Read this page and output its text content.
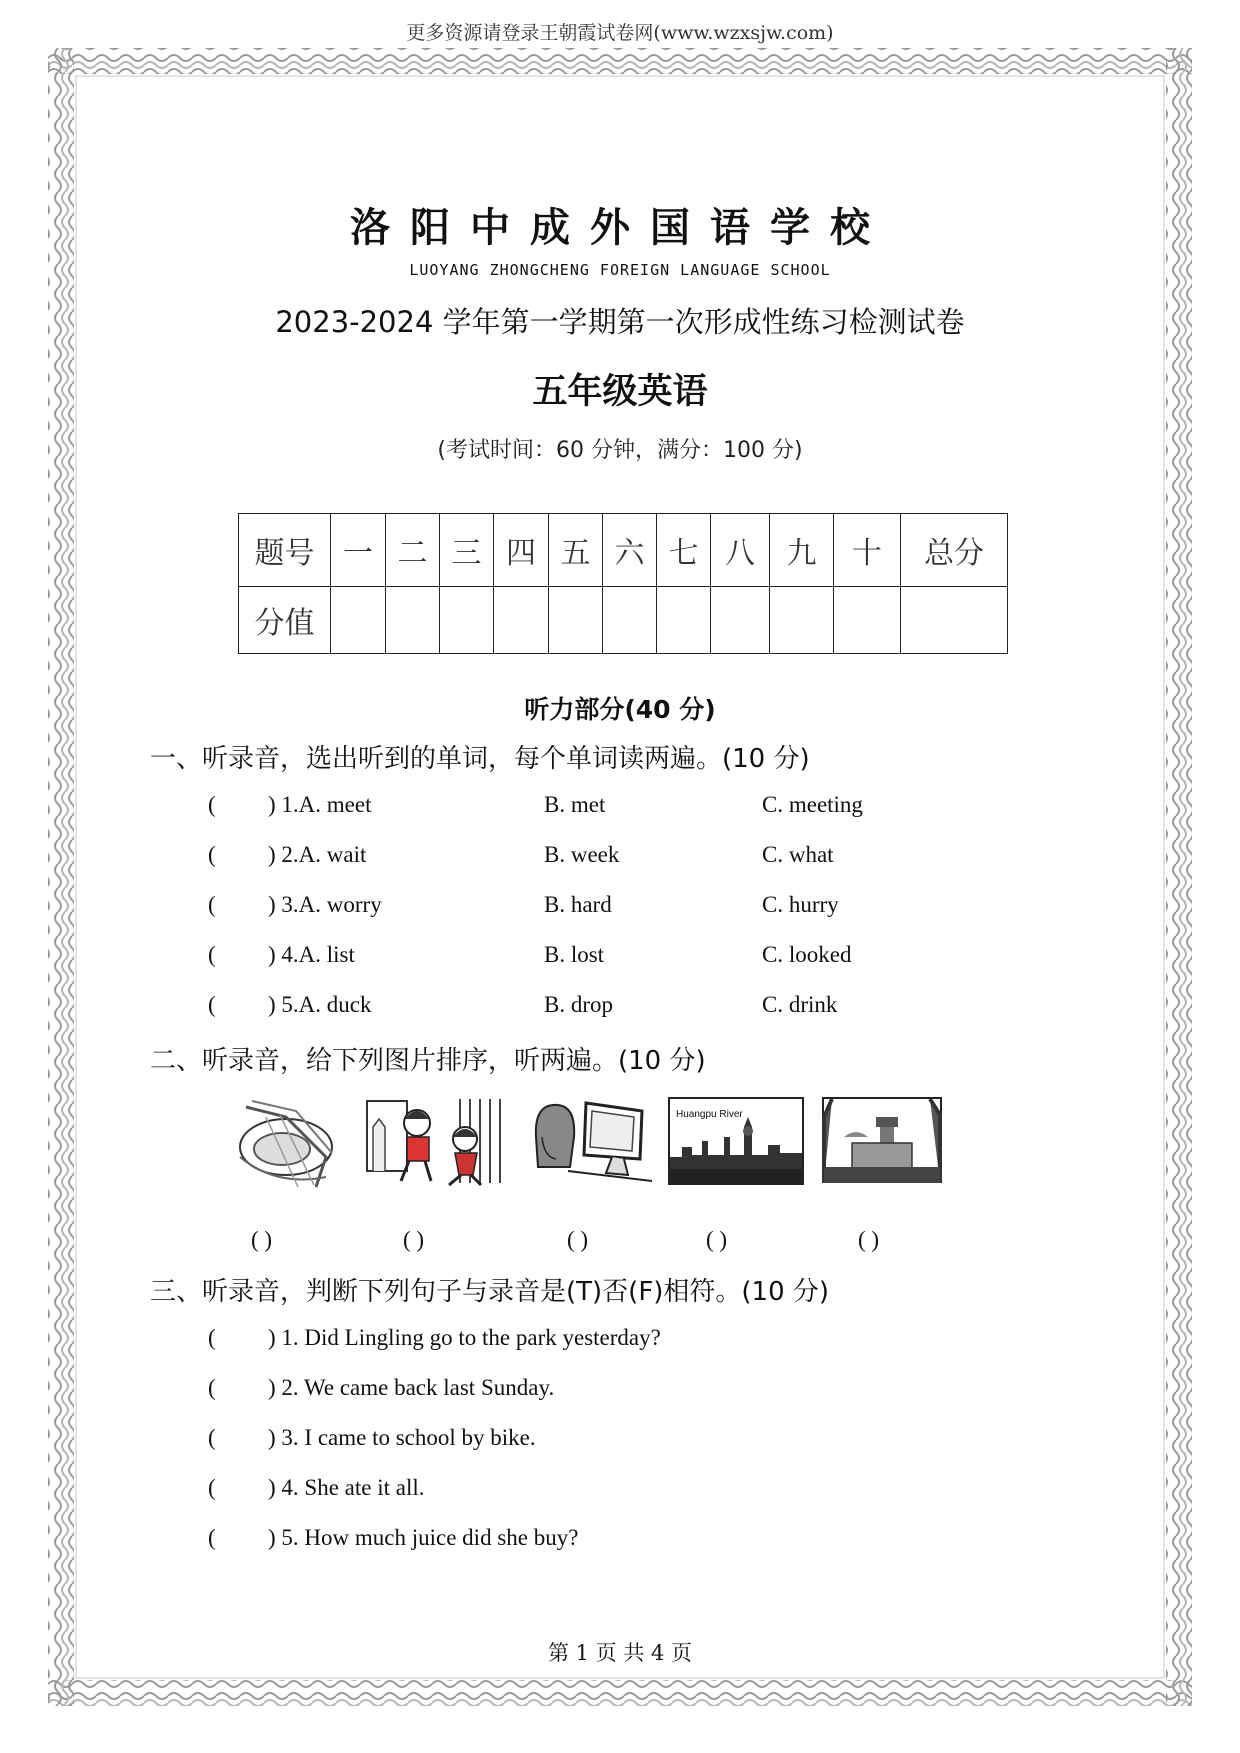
更多资源请登录王朝霞试卷网(www.wzxsjw.com)
洛阳中成外国语学校
LUOYANG ZHONGCHENG FOREIGN LANGUAGE SCHOOL
2023-2024 学年第一学期第一次形成性练习检测试卷
五年级英语
(考试时间：60 分钟，满分：100 分)
题号	一	二	三	四	五	六	七	八	九	十	总分
分值											
听力部分(40 分)
一、听录音，选出听到的单词，每个单词读两遍。(10 分)
( ) 1.A. meet	B. met	C. meeting
( ) 2.A. wait	B. week	C. what
( ) 3.A. worry	B. hard	C. hurry
( ) 4.A. list	B. lost	C. looked
( ) 5.A. duck	B. drop	C. drink
二、听录音，给下列图片排序，听两遍。(10 分)
Huangpu River
( )	( )	( )	( )	( )
三、听录音，判断下列句子与录音是(T)否(F)相符。(10 分)
( ) 1. Did Lingling go to the park yesterday?
( ) 2. We came back last Sunday.
( ) 3. I came to school by bike.
( ) 4. She ate it all.
( ) 5. How much juice did she buy?
第 1 页 共 4 页
